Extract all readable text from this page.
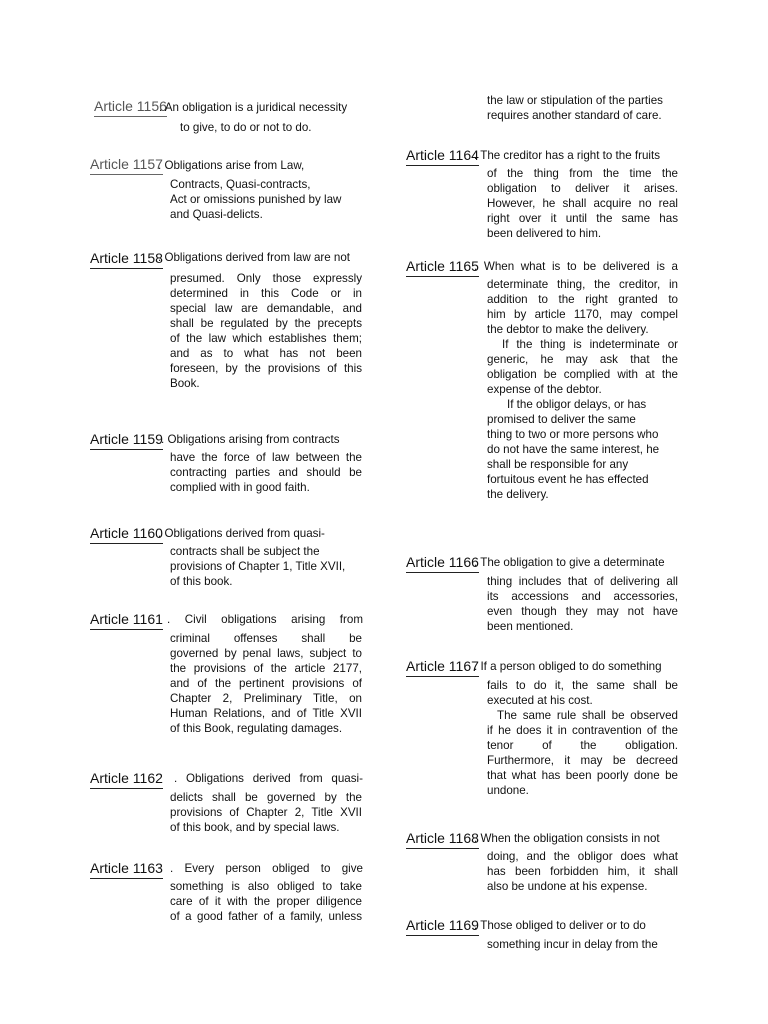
Article 1156
. An obligation is a juridical necessity
to give, to do or not to do.
Article 1157
. Obligations arise from Law,
Contracts, Quasi-contracts,
Act or omissions punished by law
and Quasi-delicts.
Article 1158
. Obligations derived from law are not
presumed. Only those expressly
determined in this Code or in
special law are demandable, and
shall be regulated by the precepts
of the law which establishes them;
and as to what has not been
foreseen, by the provisions of this
Book.
Article 1159
. Obligations arising from contracts
have the force of law between the
contracting parties and should be
complied with in good faith.
Article 1160
. Obligations derived from quasi-
contracts shall be subject the
provisions of Chapter 1, Title XVII,
of this book.
Article 1161 . Civil obligations arising from
criminal offenses shall be
governed by penal laws, subject to
the provisions of the article 2177,
and of the pertinent provisions of
Chapter 2, Preliminary Title, on
Human Relations, and of Title XVII
of this Book, regulating damages.
Article 1162 . Obligations derived from quasi-
delicts shall be governed by the
provisions of Chapter 2, Title XVII
of this book, and by special laws.
Article 1163 . Every person obliged to give
something is also obliged to take
care of it with the proper diligence
of a good father of a family, unless
the law or stipulation of the parties
requires another standard of care.
Article 1164
. The creditor has a right to the fruits
of the thing from the time the
obligation to deliver it arises.
However, he shall acquire no real
right over it until the same has
been delivered to him.
Article 1165
. When what is to be delivered is a
determinate thing, the creditor, in
addition to the right granted to
him by article 1170, may compel
the debtor to make the delivery.
If the thing is indeterminate or
generic, he may ask that the
obligation be complied with at the
expense of the debtor.
If the obligor delays, or has
promised to deliver the same
thing to two or more persons who
do not have the same interest, he
shall be responsible for any
fortuitous event he has effected
the delivery.
Article 1166
. The obligation to give a determinate
thing includes that of delivering all
its accessions and accessories,
even though they may not have
been mentioned.
Article 1167
. If a person obliged to do something
fails to do it, the same shall be
executed at his cost.
The same rule shall be observed
if he does it in contravention of the
tenor of the obligation.
Furthermore, it may be decreed
that what has been poorly done be
undone.
Article 1168
. When the obligation consists in not
doing, and the obligor does what
has been forbidden him, it shall
also be undone at his expense.
Article 1169
. Those obliged to deliver or to do
something incur in delay from the
